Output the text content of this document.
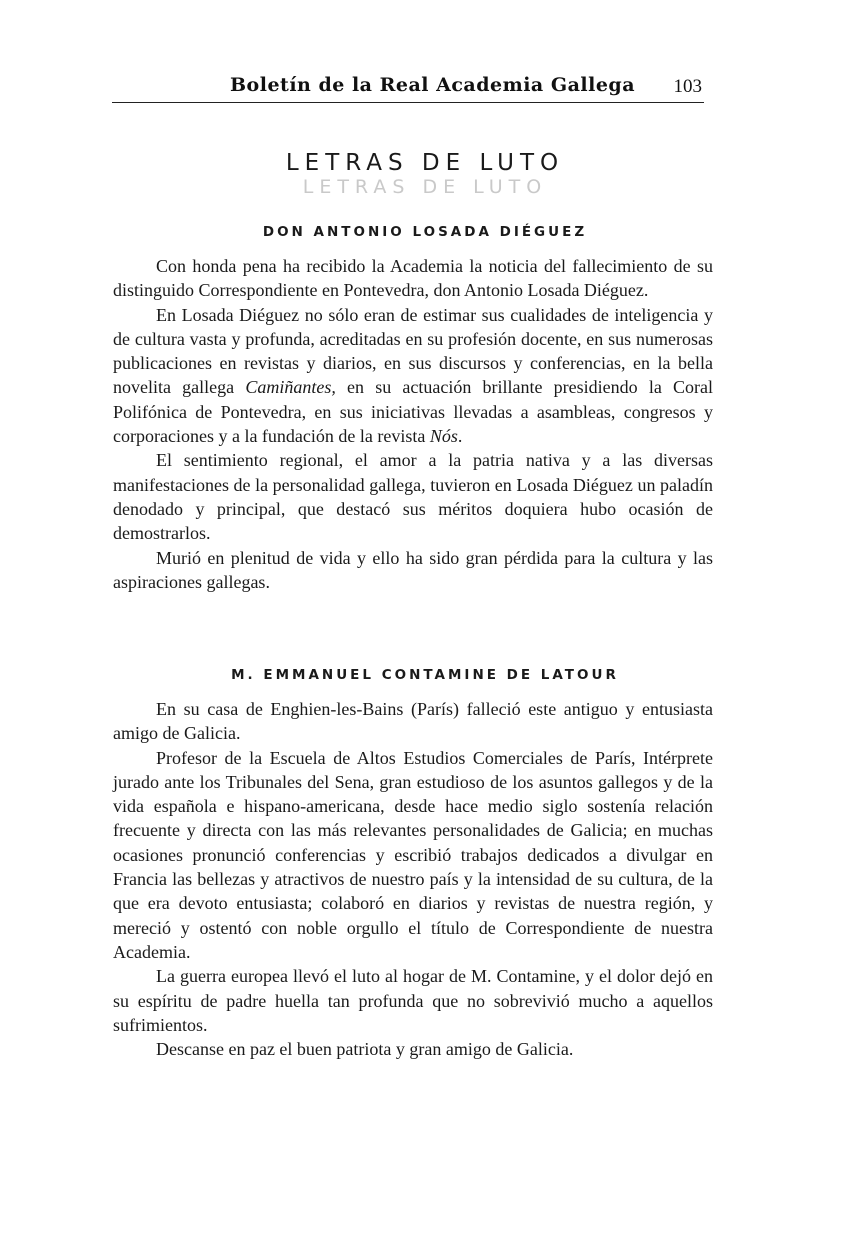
Boletín de la Real Academia Gallega 103
LETRAS DE LUTO
LETRAS DE LUTO
DON ANTONIO LOSADA DIÉGUEZ

Con honda pena ha recibido la Academia la noticia del fallecimiento de su distinguido Correspondiente en Pontevedra, don Antonio Losada Diéguez.

En Losada Diéguez no sólo eran de estimar sus cualidades de inteligencia y de cultura vasta y profunda, acreditadas en su profesión docente, en sus numerosas publicaciones en revistas y diarios, en sus discursos y conferencias, en la bella novelita gallega Camiñantes, en su actuación brillante presidiendo la Coral Polifónica de Pontevedra, en sus iniciativas llevadas a asambleas, congresos y corporaciones y a la fundación de la revista Nós.

El sentimiento regional, el amor a la patria nativa y a las diversas manifestaciones de la personalidad gallega, tuvieron en Losada Diéguez un paladín denodado y principal, que destacó sus méritos doquiera hubo ocasión de demostrarlos.

Murió en plenitud de vida y ello ha sido gran pérdida para la cultura y las aspiraciones gallegas.

M. EMMANUEL CONTAMINE DE LATOUR

En su casa de Enghien-les-Bains (París) falleció este antiguo y entusiasta amigo de Galicia.

Profesor de la Escuela de Altos Estudios Comerciales de París, Intérprete jurado ante los Tribunales del Sena, gran estudioso de los asuntos gallegos y de la vida española e hispano-americana, desde hace medio siglo sostenía relación frecuente y directa con las más relevantes personalidades de Galicia; en muchas ocasiones pronunció conferencias y escribió trabajos dedicados a divulgar en Francia las bellezas y atractivos de nuestro país y la intensidad de su cultura, de la que era devoto entusiasta; colaboró en diarios y revistas de nuestra región, y mereció y ostentó con noble orgullo el título de Correspondiente de nuestra Academia.

La guerra europea llevó el luto al hogar de M. Contamine, y el dolor dejó en su espíritu de padre huella tan profunda que no sobrevivió mucho a aquellos sufrimientos.

Descanse en paz el buen patriota y gran amigo de Galicia.
